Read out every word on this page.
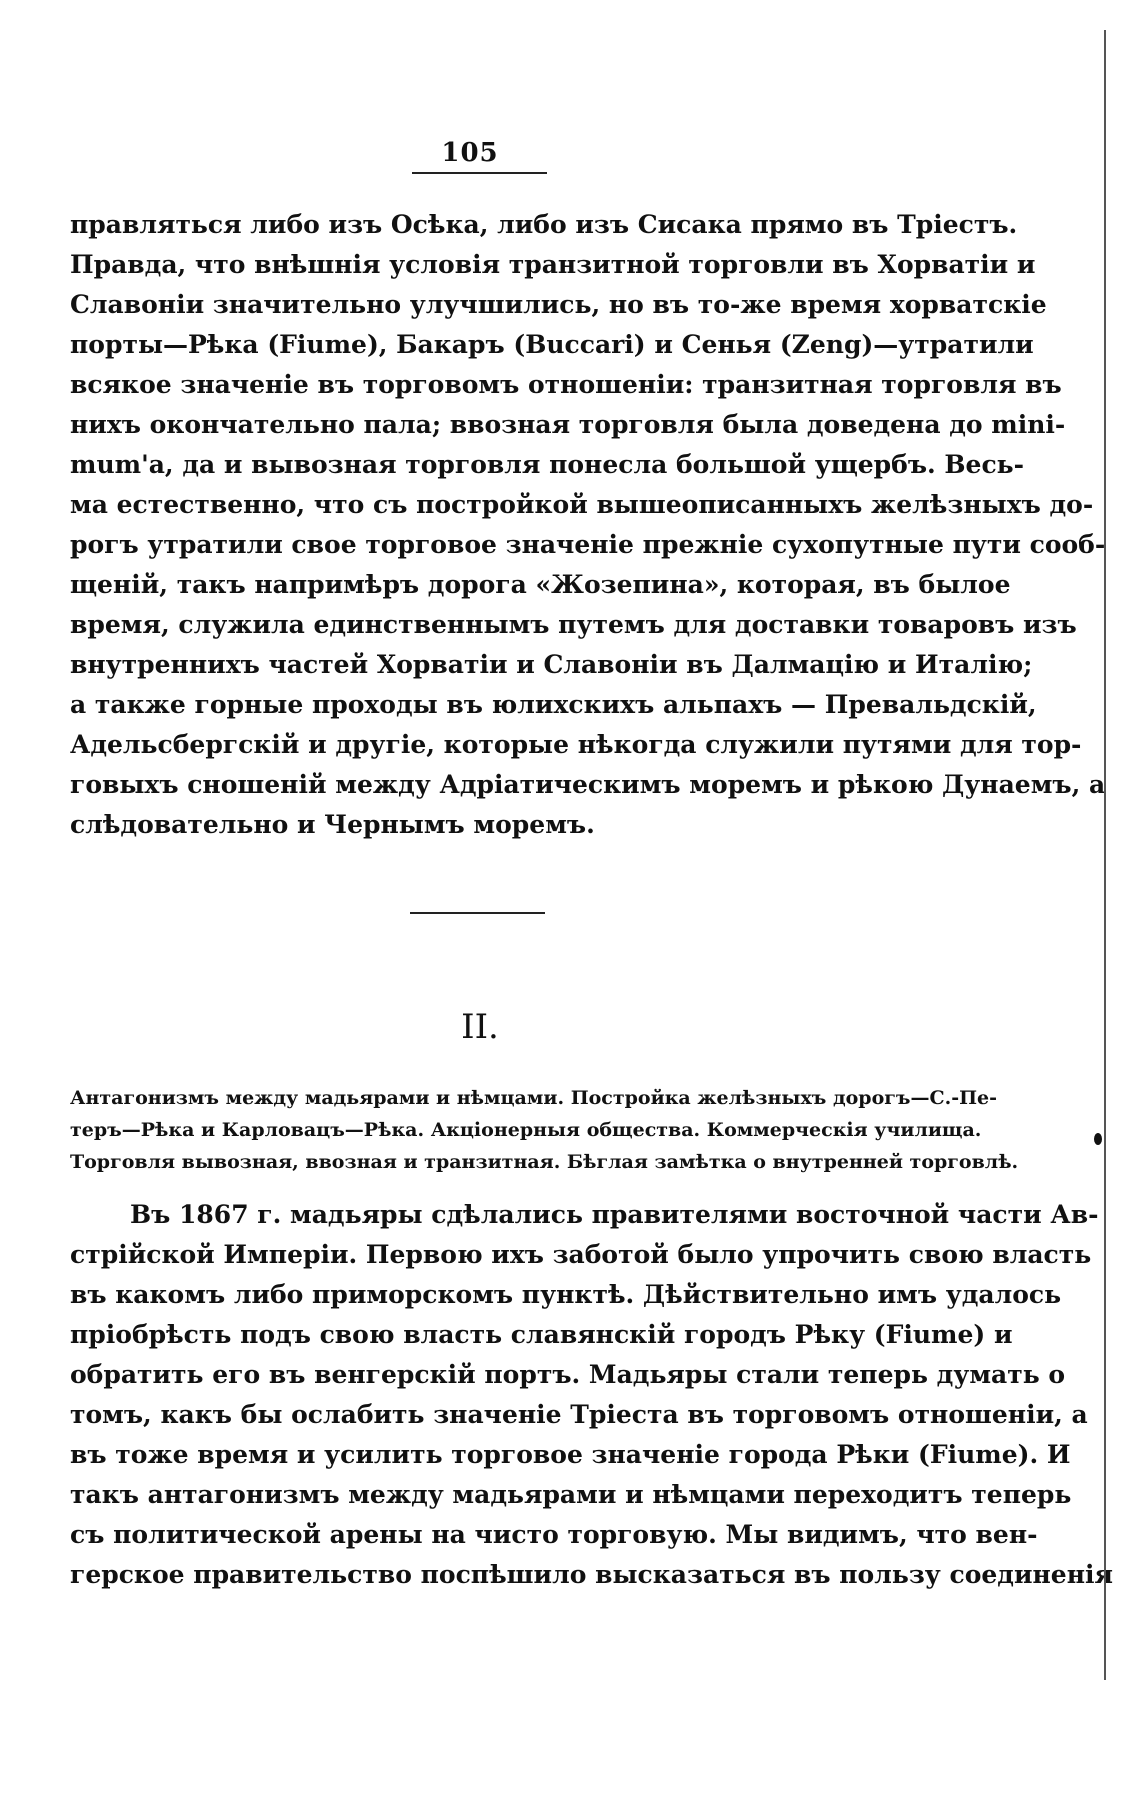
105
правляться либо изъ Осѣка, либо изъ Сисака прямо въ Тріестъ.
Правда, что внѣшнія условія транзитной торговли въ Хорватіи и
Славоніи значительно улучшились, но въ то-же время хорватскіе
порты—Рѣка (Fiume), Бакаръ (Buccari) и Сенья (Zeng)—утратили
всякое значеніе въ торговомъ отношеніи: транзитная торговля въ
нихъ окончательно пала; ввозная торговля была доведена до mini-
mum'а, да и вывозная торговля понесла большой ущербъ. Весь-
ма естественно, что съ постройкой вышеописанныхъ желѣзныхъ до-
рогъ утратили свое торговое значеніе прежніе сухопутные пути сооб-
щеній, такъ напримѣръ дорога «Жозепина», которая, въ былое
время, служила единственнымъ путемъ для доставки товаровъ изъ
внутреннихъ частей Хорватіи и Славоніи въ Далмацію и Италію;
а также горные проходы въ юлихскихъ альпахъ — Превальдскій,
Адельсбергскій и другіе, которые нѣкогда служили путями для тор-
говыхъ сношеній между Адріатическимъ моремъ и рѣкою Дунаемъ, а
слѣдовательно и Чернымъ моремъ.
II.
Антагонизмъ между мадьярами и нѣмцами. Постройка желѣзныхъ дорогъ—С.-Пе-
теръ—Рѣка и Карловацъ—Рѣка. Акціонерныя общества. Коммерческія училища.
Торговля вывозная, ввозная и транзитная. Бѣглая замѣтка о внутренней торговлѣ.
Въ 1867 г. мадьяры сдѣлались правителями восточной части Ав-
стрійской Имперіи. Первою ихъ заботой было упрочить свою власть
въ какомъ либо приморскомъ пунктѣ. Дѣйствительно имъ удалось
пріобрѣсть подъ свою власть славянскій городъ Рѣку (Fiume) и
обратить его въ венгерскій портъ. Мадьяры стали теперь думать о
томъ, какъ бы ослабить значеніе Тріеста въ торговомъ отношеніи, а
въ тоже время и усилить торговое значеніе города Рѣки (Fiume). И
такъ антагонизмъ между мадьярами и нѣмцами переходитъ теперь
съ политической арены на чисто торговую. Мы видимъ, что вен-
герское правительство поспѣшило высказаться въ пользу соединенія
